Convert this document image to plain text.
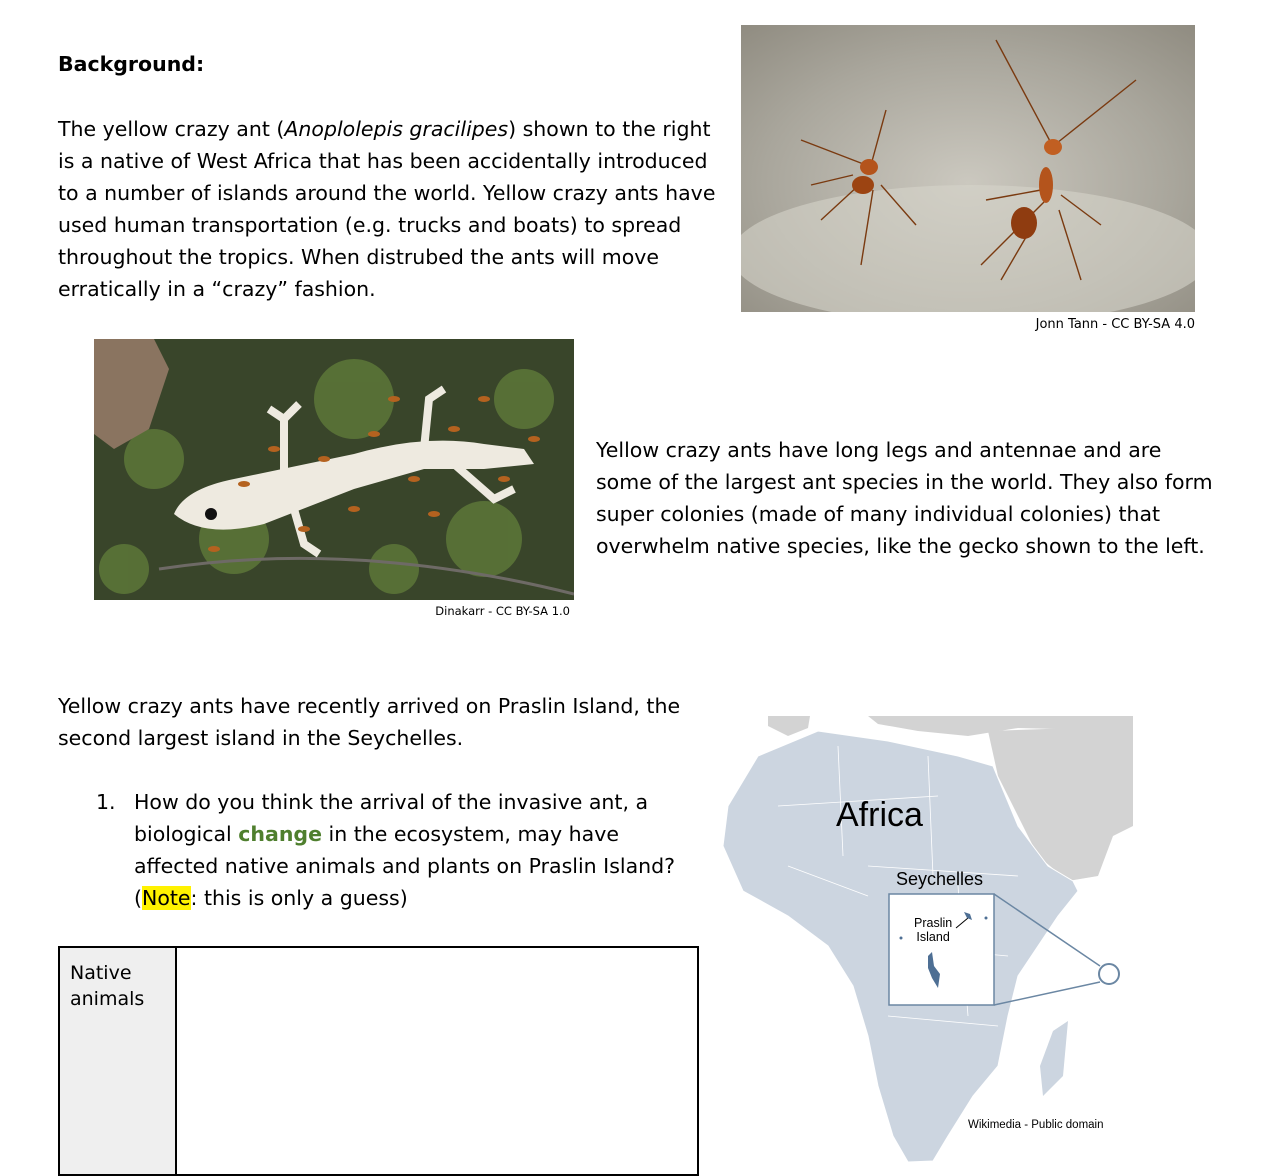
Background:
The yellow crazy ant (Anoplolepis gracilipes) shown to the right is a native of West Africa that has been accidentally introduced to a number of islands around the world. Yellow crazy ants have used human transportation (e.g. trucks and boats) to spread throughout the tropics. When distrubed the ants will move erratically in a “crazy” fashion.
Jonn Tann - CC BY-SA 4.0
Dinakarr - CC BY-SA 1.0
Yellow crazy ants have long legs and antennae and are some of the largest ant species in the world. They also form super colonies (made of many individual colonies) that overwhelm native species, like the gecko shown to the left.
Yellow crazy ants have recently arrived on Praslin Island, the second largest island in the Seychelles.
1. How do you think the arrival of the invasive ant, a biological change in the ecosystem, may have affected native animals and plants on Praslin Island? (Note: this is only a guess)
Native animals	
Africa
Seychelles
Praslin
Island
Wikimedia - Public domain
